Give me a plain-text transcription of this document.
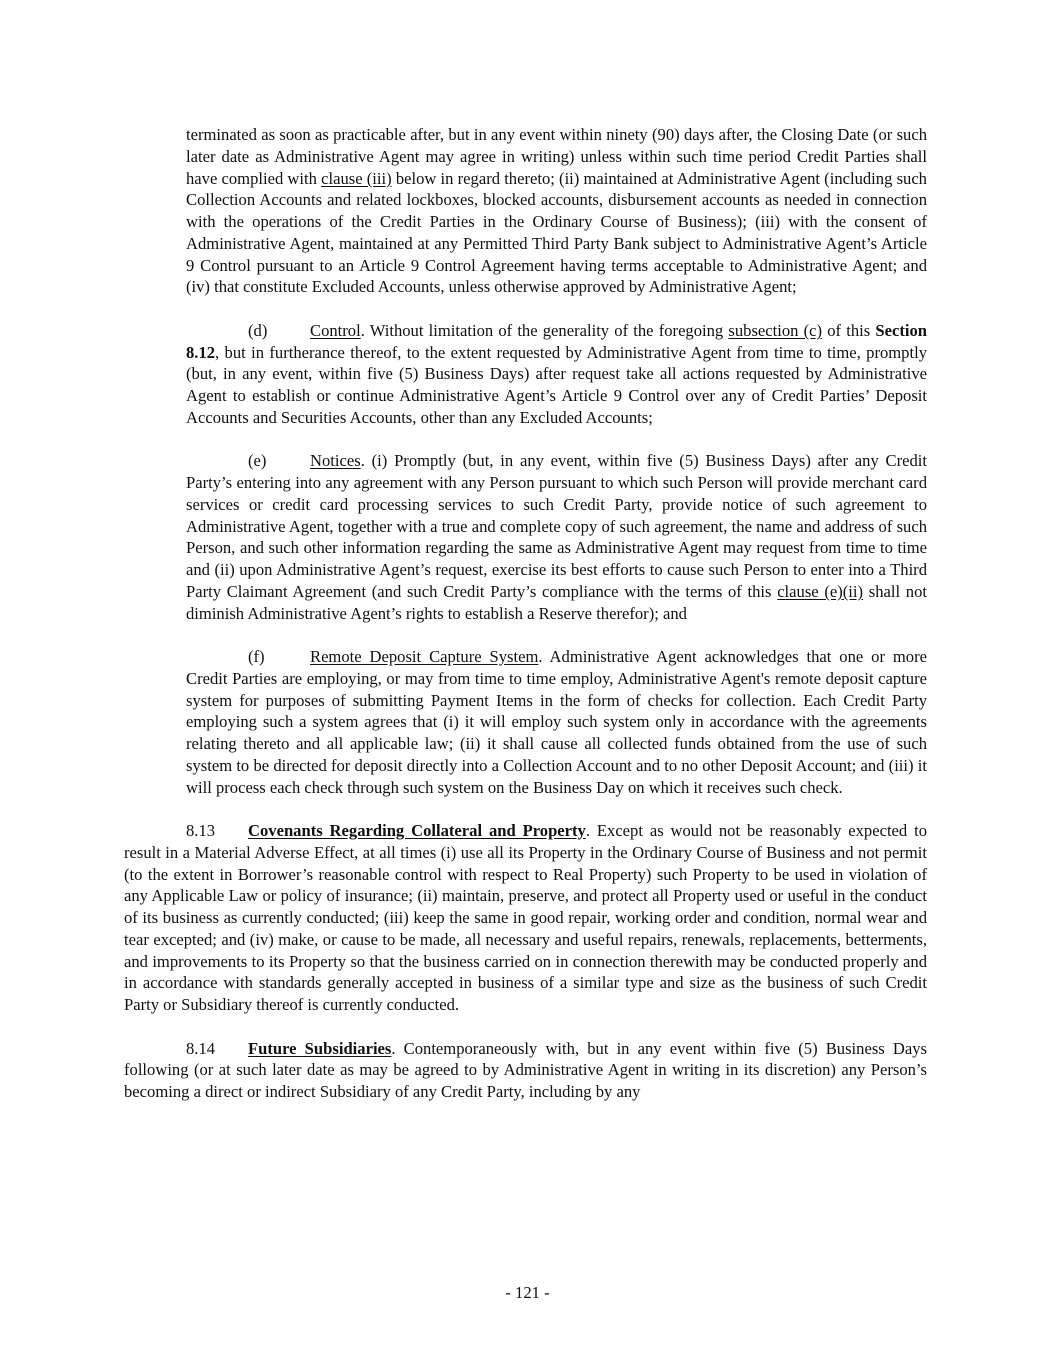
terminated as soon as practicable after, but in any event within ninety (90) days after, the Closing Date (or such later date as Administrative Agent may agree in writing) unless within such time period Credit Parties shall have complied with clause (iii) below in regard thereto; (ii) maintained at Administrative Agent (including such Collection Accounts and related lockboxes, blocked accounts, disbursement accounts as needed in connection with the operations of the Credit Parties in the Ordinary Course of Business); (iii) with the consent of Administrative Agent, maintained at any Permitted Third Party Bank subject to Administrative Agent’s Article 9 Control pursuant to an Article 9 Control Agreement having terms acceptable to Administrative Agent; and (iv) that constitute Excluded Accounts, unless otherwise approved by Administrative Agent;

(d)	Control. Without limitation of the generality of the foregoing subsection (c) of this Section 8.12, but in furtherance thereof, to the extent requested by Administrative Agent from time to time, promptly (but, in any event, within five (5) Business Days) after request take all actions requested by Administrative Agent to establish or continue Administrative Agent’s Article 9 Control over any of Credit Parties’ Deposit Accounts and Securities Accounts, other than any Excluded Accounts;

(e)	Notices. (i) Promptly (but, in any event, within five (5) Business Days) after any Credit Party’s entering into any agreement with any Person pursuant to which such Person will provide merchant card services or credit card processing services to such Credit Party, provide notice of such agreement to Administrative Agent, together with a true and complete copy of such agreement, the name and address of such Person, and such other information regarding the same as Administrative Agent may request from time to time and (ii) upon Administrative Agent’s request, exercise its best efforts to cause such Person to enter into a Third Party Claimant Agreement (and such Credit Party’s compliance with the terms of this clause (e)(ii) shall not diminish Administrative Agent’s rights to establish a Reserve therefor); and

(f)	Remote Deposit Capture System. Administrative Agent acknowledges that one or more Credit Parties are employing, or may from time to time employ, Administrative Agent's remote deposit capture system for purposes of submitting Payment Items in the form of checks for collection. Each Credit Party employing such a system agrees that (i) it will employ such system only in accordance with the agreements relating thereto and all applicable law; (ii) it shall cause all collected funds obtained from the use of such system to be directed for deposit directly into a Collection Account and to no other Deposit Account; and (iii) it will process each check through such system on the Business Day on which it receives such check.

8.13 Covenants Regarding Collateral and Property. Except as would not be reasonably expected to result in a Material Adverse Effect, at all times (i) use all its Property in the Ordinary Course of Business and not permit (to the extent in Borrower’s reasonable control with respect to Real Property) such Property to be used in violation of any Applicable Law or policy of insurance; (ii) maintain, preserve, and protect all Property used or useful in the conduct of its business as currently conducted; (iii) keep the same in good repair, working order and condition, normal wear and tear excepted; and (iv) make, or cause to be made, all necessary and useful repairs, renewals, replacements, betterments, and improvements to its Property so that the business carried on in connection therewith may be conducted properly and in accordance with standards generally accepted in business of a similar type and size as the business of such Credit Party or Subsidiary thereof is currently conducted.

8.14 Future Subsidiaries. Contemporaneously with, but in any event within five (5) Business Days following (or at such later date as may be agreed to by Administrative Agent in writing in its discretion) any Person’s becoming a direct or indirect Subsidiary of any Credit Party, including by any

- 121 -
